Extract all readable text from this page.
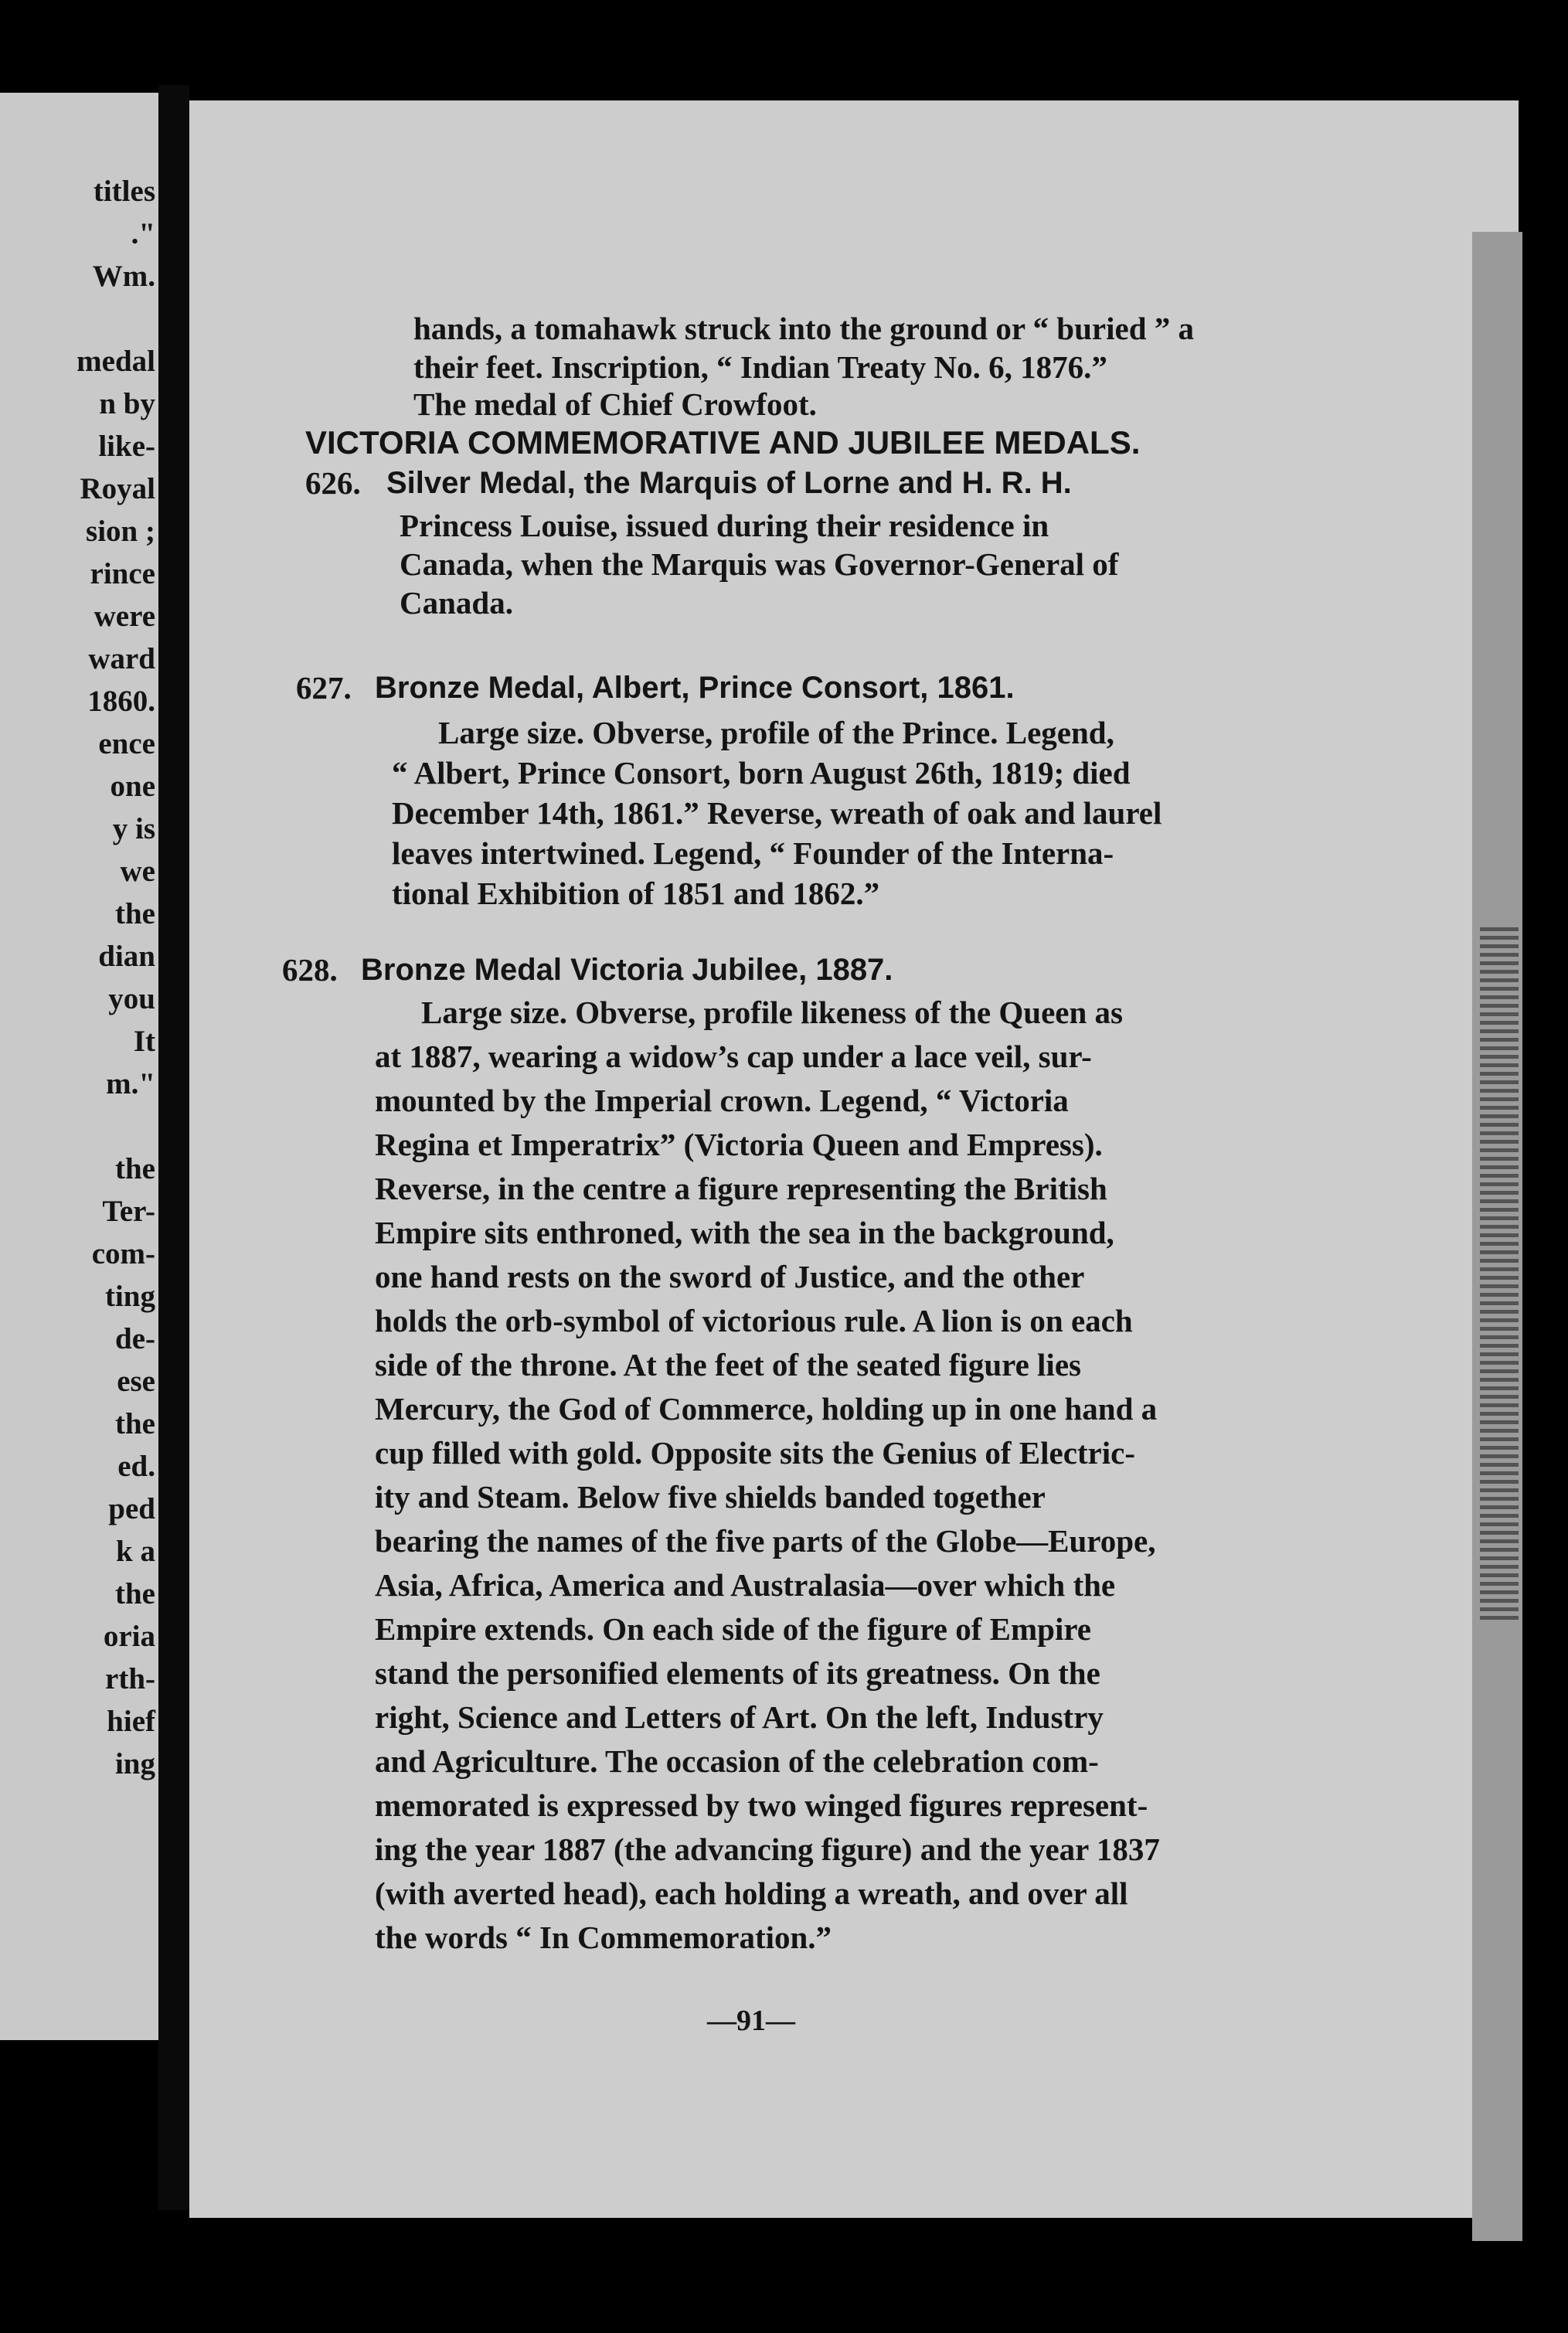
titles
."
Wm.
medal
n by
like-
Royal
sion ;
rince
were
ward
1860.
ence
one
y is
we
the
dian
you
It
m."
the
Ter-
com-
ting
de-
ese
the
ed.
ped
k a
the
oria
rth-
hief
ing
hands, a tomahawk struck into the ground or “ buried ” a
their feet. Inscription, “ Indian Treaty No. 6, 1876.”
The medal of Chief Crowfoot.
VICTORIA COMMEMORATIVE AND JUBILEE MEDALS.
626. Silver Medal, the Marquis of Lorne and H. R. H.
Princess Louise, issued during their residence in
Canada, when the Marquis was Governor-General of
Canada.
627. Bronze Medal, Albert, Prince Consort, 1861.
Large size. Obverse, profile of the Prince. Legend,
“ Albert, Prince Consort, born August 26th, 1819; died
December 14th, 1861.” Reverse, wreath of oak and laurel
leaves intertwined. Legend, “ Founder of the Interna-
tional Exhibition of 1851 and 1862.”
628. Bronze Medal Victoria Jubilee, 1887.
Large size. Obverse, profile likeness of the Queen as
at 1887, wearing a widow’s cap under a lace veil, sur-
mounted by the Imperial crown. Legend, “ Victoria
Regina et Imperatrix” (Victoria Queen and Empress).
Reverse, in the centre a figure representing the British
Empire sits enthroned, with the sea in the background,
one hand rests on the sword of Justice, and the other
holds the orb-symbol of victorious rule. A lion is on each
side of the throne. At the feet of the seated figure lies
Mercury, the God of Commerce, holding up in one hand a
cup filled with gold. Opposite sits the Genius of Electric-
ity and Steam. Below five shields banded together
bearing the names of the five parts of the Globe—Europe,
Asia, Africa, America and Australasia—over which the
Empire extends. On each side of the figure of Empire
stand the personified elements of its greatness. On the
right, Science and Letters of Art. On the left, Industry
and Agriculture. The occasion of the celebration com-
memorated is expressed by two winged figures represent-
ing the year 1887 (the advancing figure) and the year 1837
(with averted head), each holding a wreath, and over all
the words “ In Commemoration.”
—91—
